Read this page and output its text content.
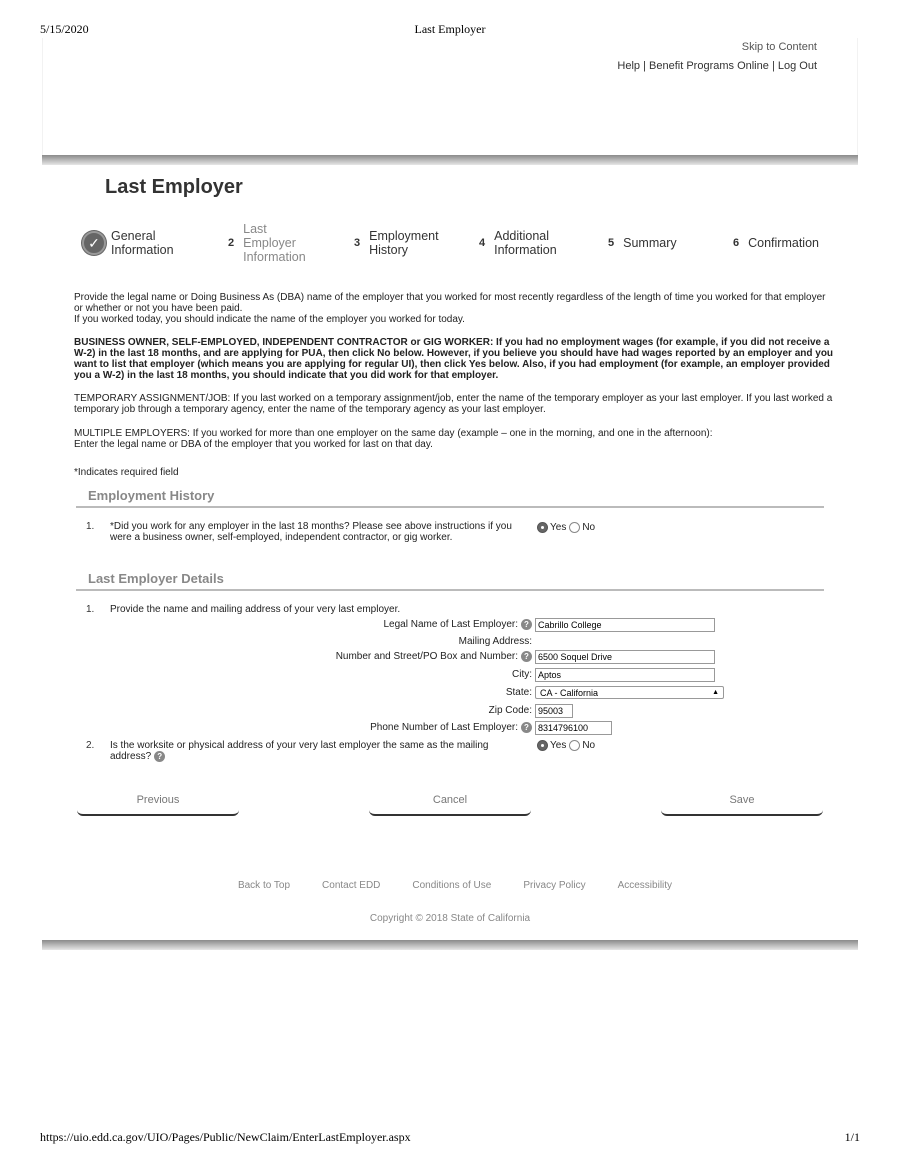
5/15/2020	Last Employer
https://uio.edd.ca.gov/UIO/Pages/Public/NewClaim/EnterLastEmployer.aspx	1/1
Skip to Content
Help | Benefit Programs Online | Log Out
Last Employer
✓ General
Information	2
Last
Employer
Information
3 Employment
History	4 Additional
Information	5 Summary	6 Confirmation
Provide the legal name or Doing Business As (DBA) name of the employer that you worked for most recently regardless of the length of time you worked for that employer or whether or not you have been paid.
If you worked today, you should indicate the name of the employer you worked for today.
BUSINESS OWNER, SELF-EMPLOYED, INDEPENDENT CONTRACTOR or GIG WORKER: If you had no employment wages (for example, if you did not receive a W-2) in the last 18 months, and are applying for PUA, then click No below. However, if you believe you should have had wages reported by an employer and you want to list that employer (which means you are applying for regular UI), then click Yes below. Also, if you had employment (for example, an employer provided you a W-2) in the last 18 months, you should indicate that you did work for that employer.
TEMPORARY ASSIGNMENT/JOB: If you last worked on a temporary assignment/job, enter the name of the temporary employer as your last employer. If you last worked a temporary job through a temporary agency, enter the name of the temporary agency as your last employer.
MULTIPLE EMPLOYERS: If you worked for more than one employer on the same day (example – one in the morning, and one in the afternoon):
Enter the legal name or DBA of the employer that you worked for last on that day.
*Indicates required field
Employment History
1. *Did you work for any employer in the last 18 months? Please see above instructions if you were a business owner, self-employed, independent contractor, or gig worker.
Yes No
Last Employer Details
1. Provide the name and mailing address of your very last employer.
Legal Name of Last Employer: ?	Cabrillo College
Mailing Address:
Number and Street/PO Box and Number: ?	6500 Soquel Drive
City: Aptos
State: CA - California	▲

Zip Code: 95003
Phone Number of Last Employer: ?	8314796100
2. Is the worksite or physical address of your very last employer the same as the mailing address? ?
Yes No
Previous	Cancel	Save
Back to Top	Contact EDD	Conditions of Use	Privacy Policy	Accessibility
Copyright © 2018 State of California
